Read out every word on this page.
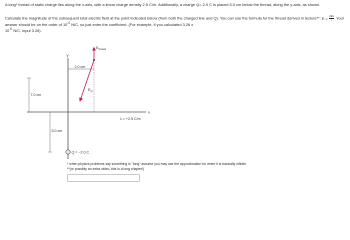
A long* thread of static charge lies along the x-axis, with a linear charge density 2.5 C/m. Additionally, a charge Q=-2.0 C is placed 5.0 cm below the thread, along the y-axis, as shown.

Calculate the magnitude of the subsequent total electric field at the point indicated below (from both the charged line and Q). You can use the formula for the thread derived in lecture**: $E = \frac{2k\lambda}{r}$ . Your answer should be on the order of $10^{11}$ N/C, so just enter the coefficient. (For example, if you calculated 3.26 x
$10^{11}$ N/C, input 3.26).

x
y
2.0 cm
7.0 cm
5.0 cm
Q = −2.0 C
$E_{thread}$
$E_Q$
λ = +2.5 C/m

* when physics problems say something is "long" assume you may use the approximation for when it is basically infinite.

**(or possibly an extra video, this is a long chapter!)
